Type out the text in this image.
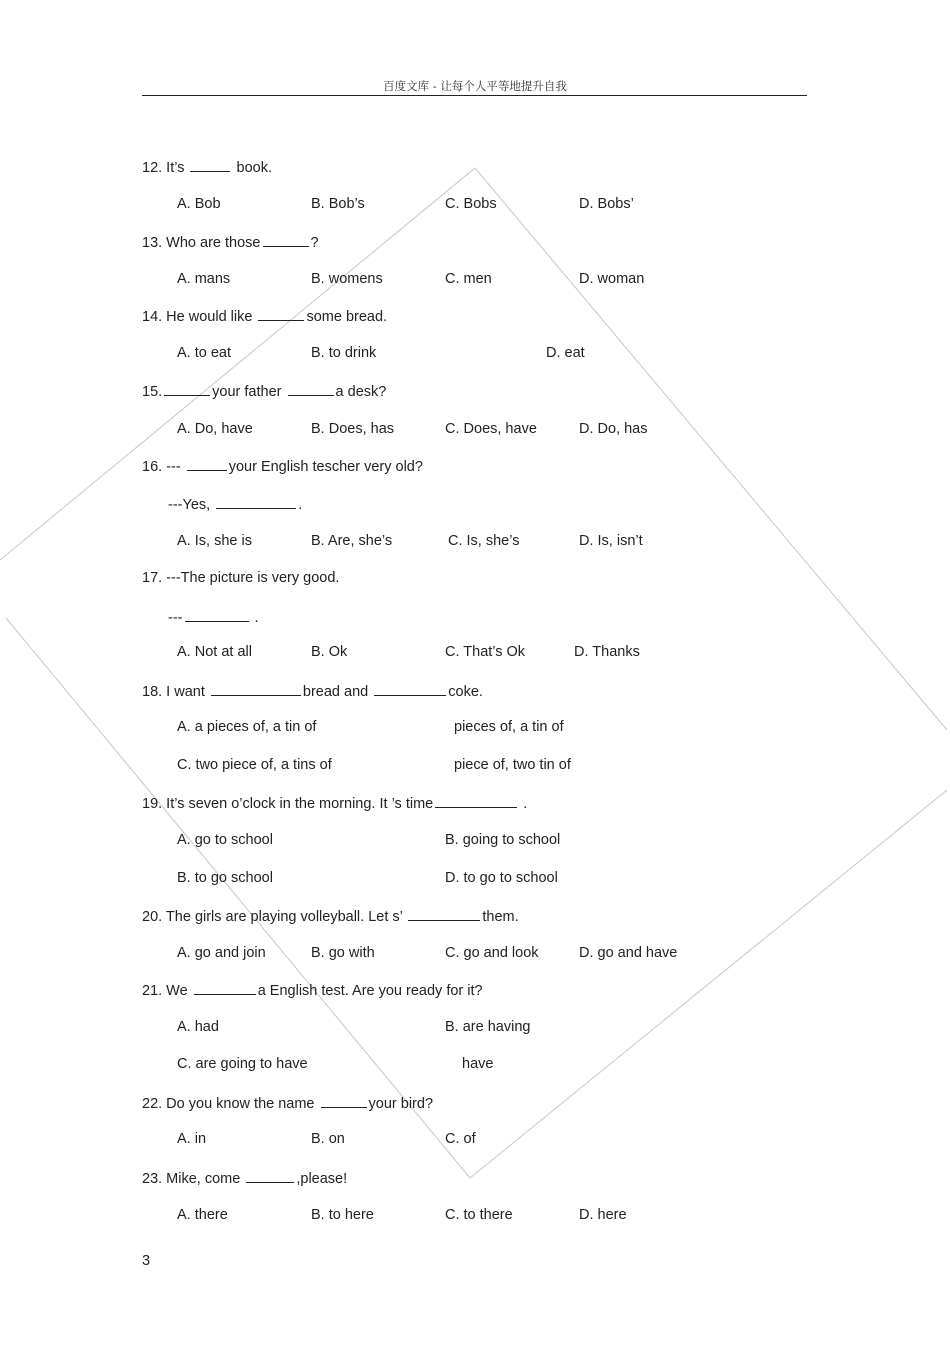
百度文库 - 让每个人平等地提升自我
12. It’s	book.
A. Bob	B. Bob’s	C. Bobs	D. Bobs’
13. Who are those	?
A. mans	B. womens	C. men	D. woman
14. He would like	some bread.
A. to eat	B. to drink	D. eat
15.	your father	a desk?
A. Do, have	B. Does, has	C. Does, have	D. Do, has
16. ---	your English tescher very old?
---Yes,	.
A. Is, she is	B. Are, she’s	C. Is, she’s	D. Is, isn’t
17. ---The picture is very good.
---	.
A. Not at all	B. Ok	C. That’s Ok	D. Thanks
18. I want	bread and	coke.
A. a pieces of, a tin of	pieces of, a tin of
C. two piece of, a tins of	piece of, two tin of
19. It’s seven o’clock in the morning. It ’s time	.
A. go to school	B. going to school
B. to go school	D. to go to school
20. The girls are playing volleyball. Let s’	them.
A. go and join	B. go with	C. go and look	D. go and have
21. We	a English test. Are you ready for it?
A. had	B. are having
C. are going to have	have
22. Do you know the name	your bird?
A. in	B. on	C. of
23. Mike, come	,please!
A. there	B. to here	C. to there	D. here
3
